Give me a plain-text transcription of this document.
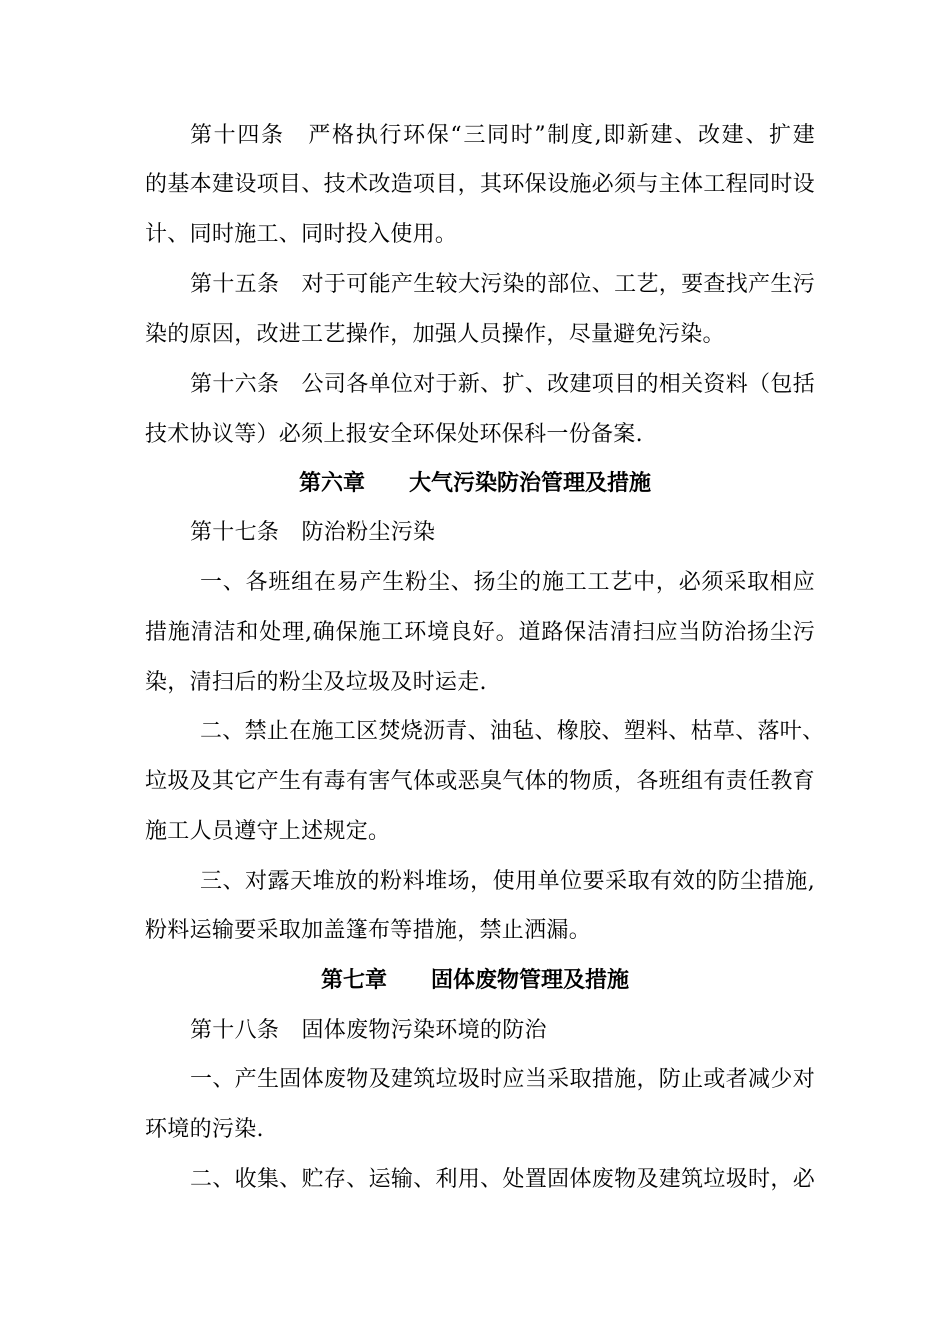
第十四条　严格执行环保“三同时”制度,即新建、改建、扩建
的基本建设项目、技术改造项目，其环保设施必须与主体工程同时设
计、同时施工、同时投入使用。
第十五条　对于可能产生较大污染的部位、工艺，要查找产生污
染的原因，改进工艺操作，加强人员操作，尽量避免污染。
第十六条　公司各单位对于新、扩、改建项目的相关资料（包括
技术协议等）必须上报安全环保处环保科一份备案.
第六章　　大气污染防治管理及措施
第十七条　防治粉尘污染
一、各班组在易产生粉尘、扬尘的施工工艺中，必须采取相应
措施清洁和处理,确保施工环境良好。道路保洁清扫应当防治扬尘污
染，清扫后的粉尘及垃圾及时运走.
二、禁止在施工区焚烧沥青、油毡、橡胶、塑料、枯草、落叶、
垃圾及其它产生有毒有害气体或恶臭气体的物质，各班组有责任教育
施工人员遵守上述规定。
三、对露天堆放的粉料堆场，使用单位要采取有效的防尘措施,
粉料运输要采取加盖篷布等措施，禁止洒漏。
第七章　　固体废物管理及措施
第十八条　固体废物污染环境的防治
一、产生固体废物及建筑垃圾时应当采取措施，防止或者减少对
环境的污染.
二、收集、贮存、运输、利用、处置固体废物及建筑垃圾时，必
